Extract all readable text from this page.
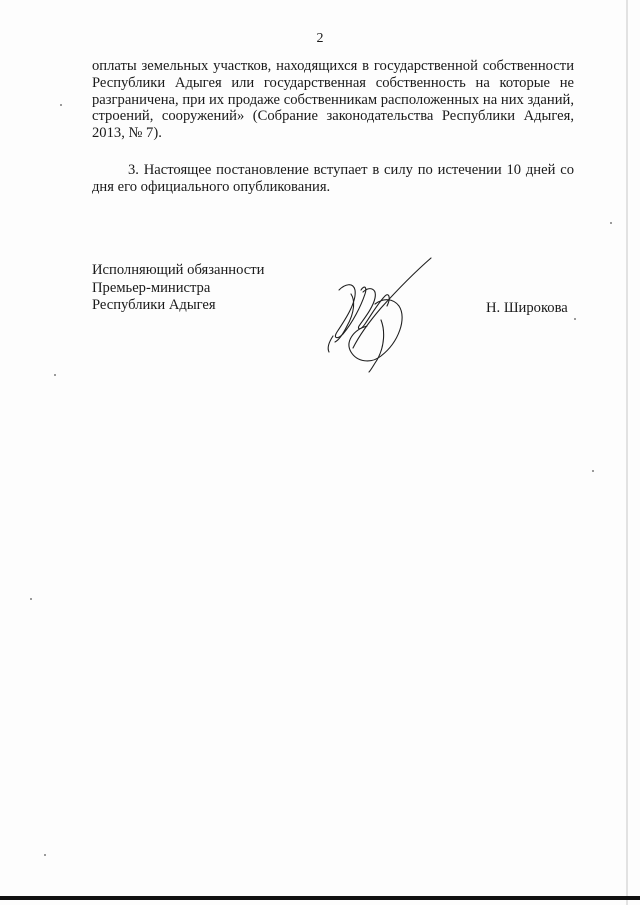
2

оплаты земельных участков, находящихся в государственной собственности Республики Адыгея или государственная собственность на которые не разграничена, при их продаже собственникам расположенных на них зданий, строений, сооружений» (Собрание законодательства Республики Адыгея, 2013, № 7).

3. Настоящее постановление вступает в силу по истечении 10 дней со дня его официального опубликования.

Исполняющий обязанности
Премьер-министра
Республики Адыгея	Н. Широкова
